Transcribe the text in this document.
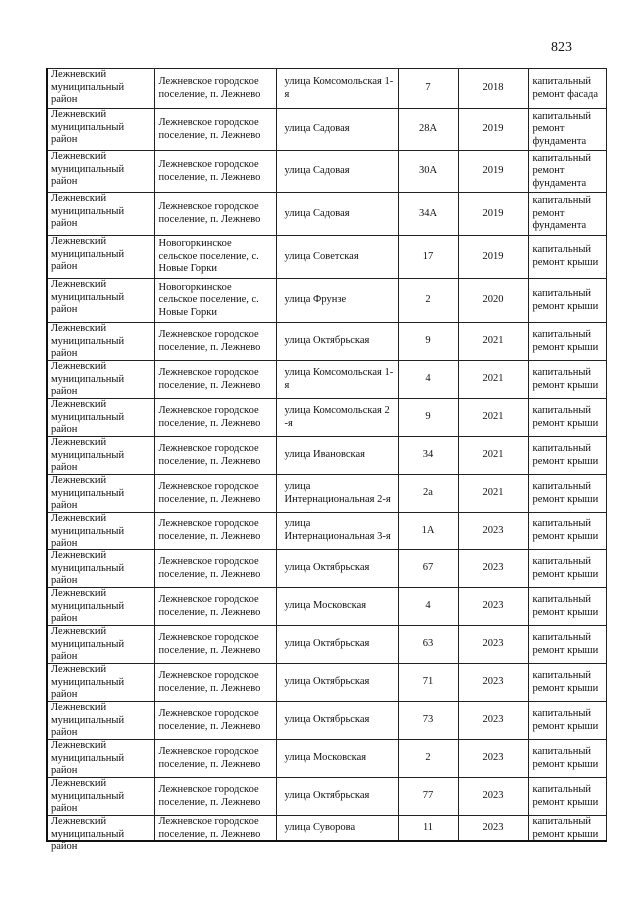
823
Лежневский муниципальный район	Лежневское городское поселение, п. Лежнево	улица Комсомольская 1-я	7	2018	капитальный ремонт фасада

Лежневский муниципальный район	Лежневское городское поселение, п. Лежнево	улица Садовая	28А	2019	капитальный ремонт фундамента

Лежневский муниципальный район	Лежневское городское поселение, п. Лежнево	улица Садовая	30А	2019	капитальный ремонт фундамента

Лежневский муниципальный район	Лежневское городское поселение, п. Лежнево	улица Садовая	34А	2019	капитальный ремонт фундамента

Лежневский муниципальный район	Новогоркинское сельское поселение, с. Новые Горки	улица Советская	17	2019	капитальный ремонт крыши

Лежневский муниципальный район	Новогоркинское сельское поселение, с. Новые Горки	улица Фрунзе	2	2020	капитальный ремонт крыши

Лежневский муниципальный район	Лежневское городское поселение, п. Лежнево	улица Октябрьская	9	2021	капитальный ремонт крыши

Лежневский муниципальный район	Лежневское городское поселение, п. Лежнево	улица Комсомольская 1-я	4	2021	капитальный ремонт крыши

Лежневский муниципальный район	Лежневское городское поселение, п. Лежнево	улица Комсомольская 2 -я	9	2021	капитальный ремонт крыши

Лежневский муниципальный район	Лежневское городское поселение, п. Лежнево	улица Ивановская	34	2021	капитальный ремонт крыши

Лежневский муниципальный район	Лежневское городское поселение, п. Лежнево	улица Интернациональная 2-я	2а	2021	капитальный ремонт крыши

Лежневский муниципальный район	Лежневское городское поселение, п. Лежнево	улица Интернациональная 3-я	1А	2023	капитальный ремонт крыши

Лежневский муниципальный район	Лежневское городское поселение, п. Лежнево	улица Октябрьская	67	2023	капитальный ремонт крыши

Лежневский муниципальный район	Лежневское городское поселение, п. Лежнево	улица Московская	4	2023	капитальный ремонт крыши

Лежневский муниципальный район	Лежневское городское поселение, п. Лежнево	улица Октябрьская	63	2023	капитальный ремонт крыши

Лежневский муниципальный район	Лежневское городское поселение, п. Лежнево	улица Октябрьская	71	2023	капитальный ремонт крыши

Лежневский муниципальный район	Лежневское городское поселение, п. Лежнево	улица Октябрьская	73	2023	капитальный ремонт крыши

Лежневский муниципальный район	Лежневское городское поселение, п. Лежнево	улица Московская	2	2023	капитальный ремонт крыши

Лежневский муниципальный район	Лежневское городское поселение, п. Лежнево	улица Октябрьская	77	2023	капитальный ремонт крыши

Лежневский муниципальный район	Лежневское городское поселение, п. Лежнево	улица Суворова	11	2023	капитальный ремонт крыши
